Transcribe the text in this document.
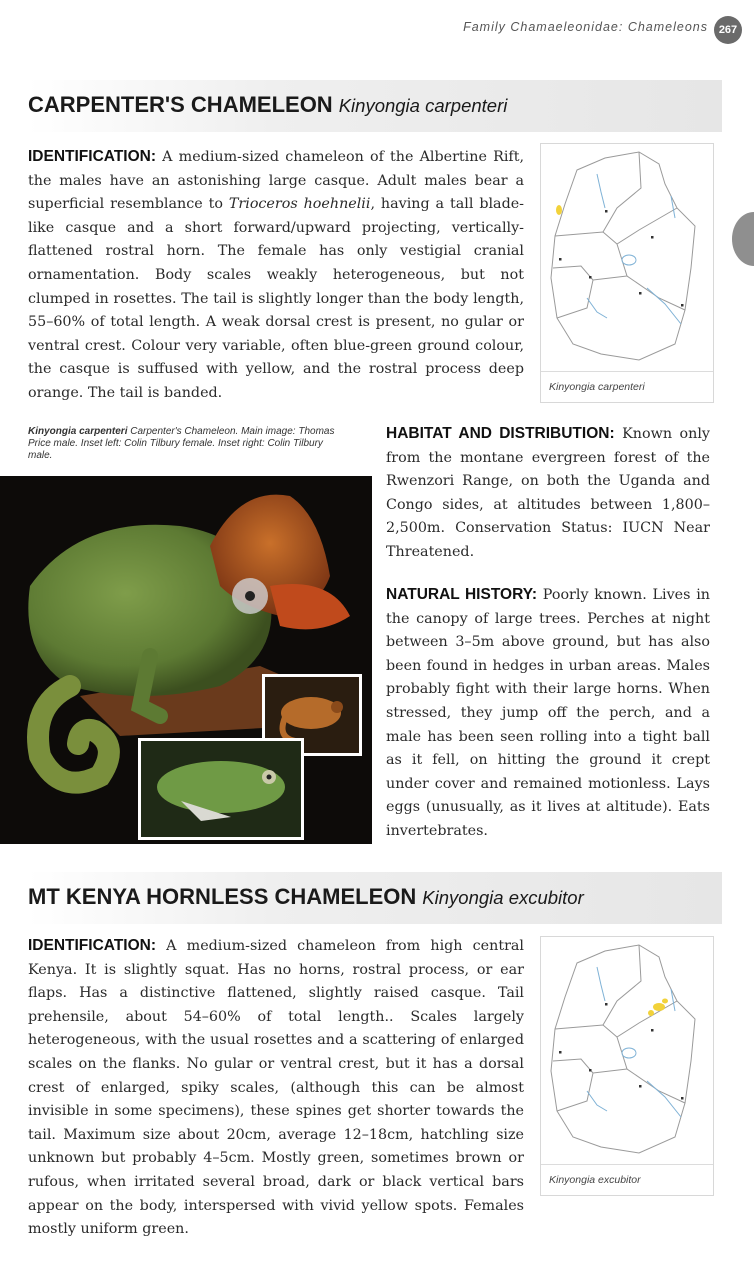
Family Chamaeleonidae: Chameleons 267
CARPENTER'S CHAMELEON Kinyongia carpenteri
IDENTIFICATION: A medium-sized chameleon of the Albertine Rift, the males have an astonishing large casque. Adult males bear a superficial resemblance to Trioceros hoehnelii, having a tall blade-like casque and a short forward/upward projecting, vertically-flattened rostral horn. The female has only vestigial cranial ornamentation. Body scales weakly heterogeneous, but not clumped in rosettes. The tail is slightly longer than the body length, 55–60% of total length. A weak dorsal crest is present, no gular or ventral crest. Colour very variable, often blue-green ground colour, the casque is suffused with yellow, and the rostral process deep orange. The tail is banded.	Kinyongia carpenteri
Kinyongia carpenteri Carpenter's Chameleon. Main image: Thomas Price male. Inset left: Colin Tilbury female. Inset right: Colin Tilbury male.
HABITAT AND DISTRIBUTION: Known only from the montane evergreen forest of the Rwenzori Range, on both the Uganda and Congo sides, at altitudes between 1,800–2,500m. Conservation Status: IUCN Near Threatened.
NATURAL HISTORY: Poorly known. Lives in the canopy of large trees. Perches at night between 3–5m above ground, but has also been found in hedges in urban areas. Males probably fight with their large horns. When stressed, they jump off the perch, and a male has been seen rolling into a tight ball as it fell, on hitting the ground it crept under cover and remained motionless. Lays eggs (unusually, as it lives at altitude). Eats invertebrates.
MT KENYA HORNLESS CHAMELEON Kinyongia excubitor
IDENTIFICATION: A medium-sized chameleon from high central Kenya. It is slightly squat. Has no horns, rostral process, or ear flaps. Has a distinctive flattened, slightly raised casque. Tail prehensile, about 54–60% of total length.. Scales largely heterogeneous, with the usual rosettes and a scattering of enlarged scales on the flanks. No gular or ventral crest, but it has a dorsal crest of enlarged, spiky scales, (although this can be almost invisible in some specimens), these spines get shorter towards the tail. Maximum size about 20cm, average 12–18cm, hatchling size unknown but probably 4–5cm. Mostly green, sometimes brown or rufous, when irritated several broad, dark or black vertical bars appear on the body, interspersed with vivid yellow spots. Females mostly uniform green.
Kinyongia excubitor
